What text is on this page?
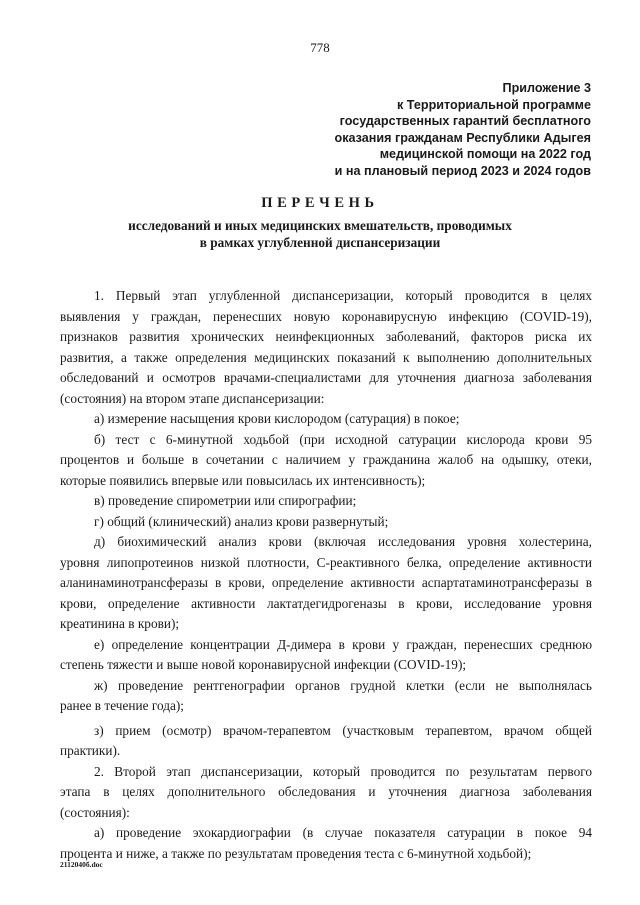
778
Приложение 3
к Территориальной программе
государственных гарантий бесплатного
оказания гражданам Республики Адыгея
медицинской помощи на 2022 год
и на плановый период 2023 и 2024 годов
ПЕРЕЧЕНЬ
исследований и иных медицинских вмешательств, проводимых
в рамках углубленной диспансеризации

1. Первый этап углубленной диспансеризации, который проводится в целях
выявления у граждан, перенесших новую коронавирусную инфекцию (COVID-19),
признаков развития хронических неинфекционных заболеваний, факторов риска их
развития, а также определения медицинских показаний к выполнению дополнительных
обследований и осмотров врачами-специалистами для уточнения диагноза заболевания
(состояния) на втором этапе диспансеризации:

а) измерение насыщения крови кислородом (сатурация) в покое;

б) тест с 6-минутной ходьбой (при исходной сатурации кислорода крови 95
процентов и больше в сочетании с наличием у гражданина жалоб на одышку, отеки,
которые появились впервые или повысилась их интенсивность);

в) проведение спирометрии или спирографии;

г) общий (клинический) анализ крови развернутый;

д) биохимический анализ крови (включая исследования уровня холестерина,
уровня липопротеинов низкой плотности, С-реактивного белка, определение активности
аланинаминотрансферазы в крови, определение активности аспартатаминотрансферазы в
крови, определение активности лактатдегидрогеназы в крови, исследование уровня
креатинина в крови);

е) определение концентрации Д-димера в крови у граждан, перенесших среднюю
степень тяжести и выше новой коронавирусной инфекции (COVID-19);

ж) проведение рентгенографии органов грудной клетки (если не выполнялась
ранее в течение года);

з) прием (осмотр) врачом-терапевтом (участковым терапевтом, врачом общей
практики).

2. Второй этап диспансеризации, который проводится по результатам первого
этапа в целях дополнительного обследования и уточнения диагноза заболевания
(состояния):

а) проведение эхокардиографии (в случае показателя сатурации в покое 94
процента и ниже, а также по результатам проведения теста с 6-минутной ходьбой);

2112040б.doc
